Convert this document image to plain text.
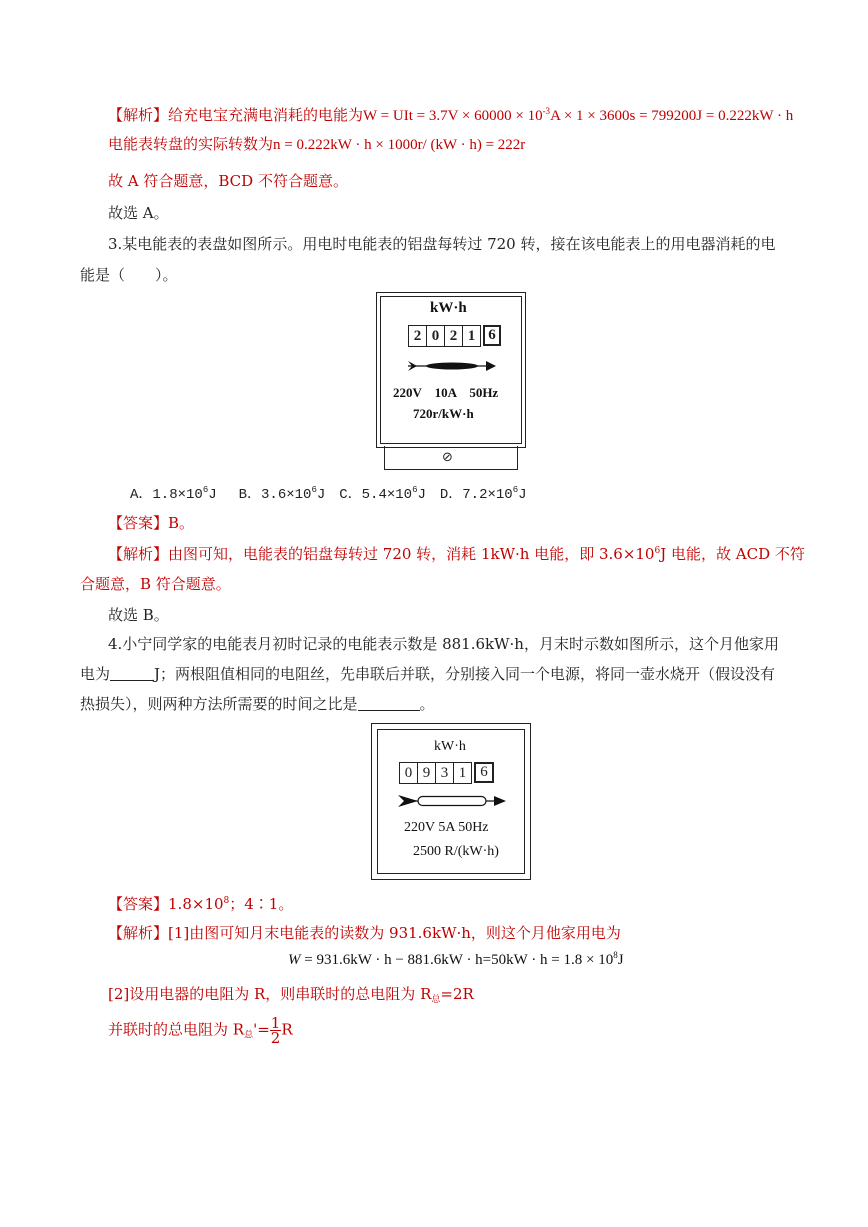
【解析】给充电宝充满电消耗的电能为W = UIt = $3.7V \times 60000 \times 10^{-3}A \times 1 \times 3600s = 799200J = 0.222kW \cdot h$
电能表转盘的实际转数为n = 0.222kW · h × 1000r/ (kW · h) = 222r
故 A 符合题意，BCD 不符合题意。
故选 A。
3.某电能表的表盘如图所示。用电时电能表的铝盘每转过 720 转，接在该电能表上的用电器消耗的电
能是（　　）。
kW·h
2 0 2 1 6
220V　10A　50Hz
720r/kW·h
⊘
A．$1.8\times 10^6J$ B．$3.6\times 10^6J$ C．$5.4\times 10^6J$ D．$7.2\times 10^6J$
【答案】B。
【解析】由图可知，电能表的铝盘每转过 720 转，消耗 1kW·h 电能，即 $3.6\times 10^6J$ 电能，故 ACD 不符
合题意，B 符合题意。
故选 B。
4.小宁同学家的电能表月初时记录的电能表示数是 881.6kW·h，月末时示数如图所示，这个月他家用
电为	J；两根阻值相同的电阻丝，先串联后并联，分别接入同一个电源，将同一壶水烧开（假设没有
热损失），则两种方法所需要的时间之比是	。
kW·h
0 9 3 1 6
220V 5A 50Hz
2500 R/(kW·h)
【答案】$1.8\times 10^8$；4∶1。
【解析】[1]由图可知月末电能表的读数为 931.6kW·h，则这个月他家用电为
$W = 931.6kW \cdot h - 881.6kW \cdot h=50kW \cdot h = 1.8 \times 10^8J$
[2]设用电器的电阻为 R，则串联时的总电阻为 $R_总=2R$
并联时的总电阻为 $R_总'= \frac{1}{2}$ R
